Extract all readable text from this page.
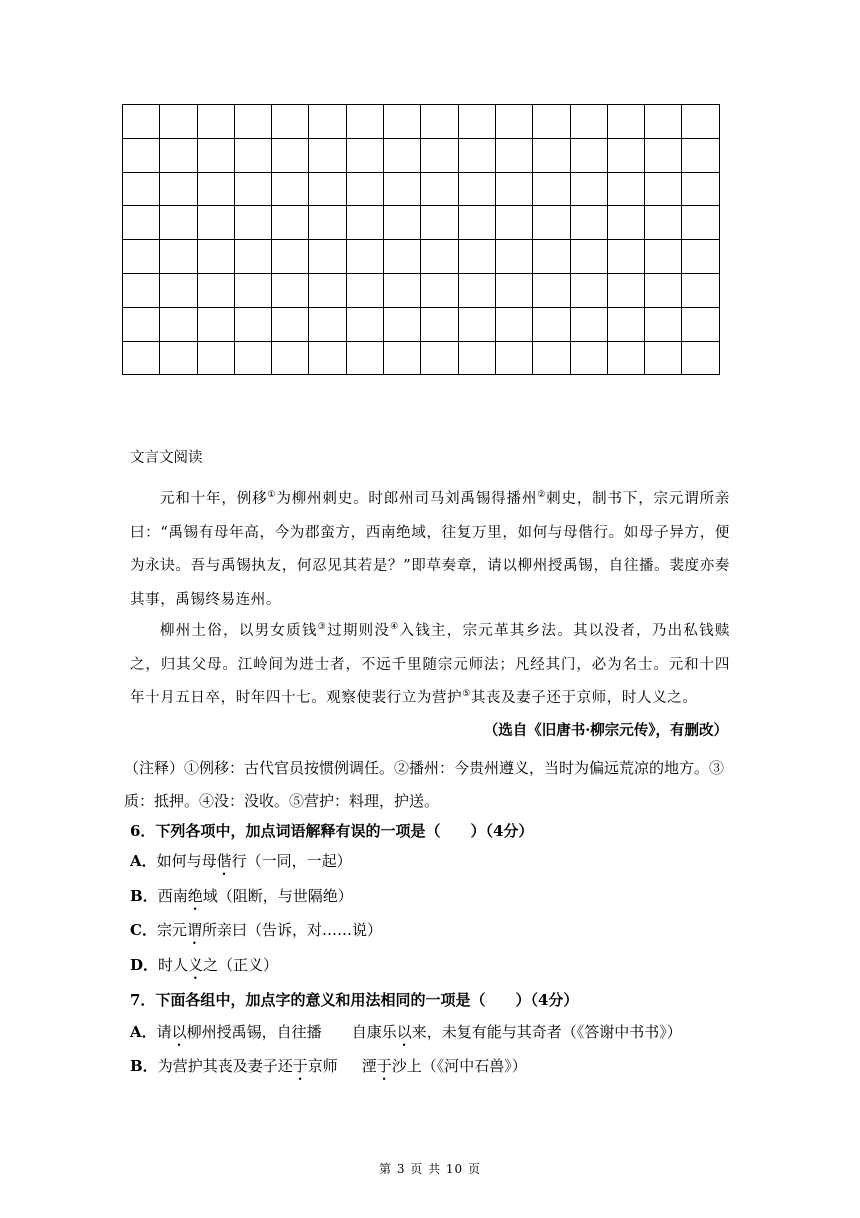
文言文阅读
元和十年，例移①为柳州刺史。时郎州司马刘禹锡得播州②刺史，制书下，宗元谓所亲曰：“禹锡有母年高，今为郡蛮方，西南绝域，往复万里，如何与母偕行。如母子异方，便为永诀。吾与禹锡执友，何忍见其若是？”即草奏章，请以柳州授禹锡，自往播。裴度亦奏其事，禹锡终易连州。
柳州土俗，以男女质钱③过期则没④入钱主，宗元革其乡法。其以没者，乃出私钱赎之，归其父母。江岭间为进士者，不远千里随宗元师法；凡经其门，必为名士。元和十四年十月五日卒，时年四十七。观察使裴行立为营护⑤其丧及妻子还于京师，时人义之。
（选自《旧唐书·柳宗元传》，有删改）
（注释）①例移：古代官员按惯例调任。②播州：今贵州遵义，当时为偏远荒凉的地方。③质：抵押。④没：没收。⑤营护：料理，护送。
6．下列各项中，加点词语解释有误的一项是（　　）（4分）
A．如何与母偕行（一同，一起）
B．西南绝域（阻断，与世隔绝）
C．宗元谓所亲曰（告诉，对……说）
D．时人义之（正义）
7．下面各组中，加点字的意义和用法相同的一项是（　　）（4分）
A．请以柳州授禹锡，自往播 自康乐以来，未复有能与其奇者（《答谢中书书》）
B．为营护其丧及妻子还于京师 湮于沙上（《河中石兽》）
第 3 页 共 10 页
